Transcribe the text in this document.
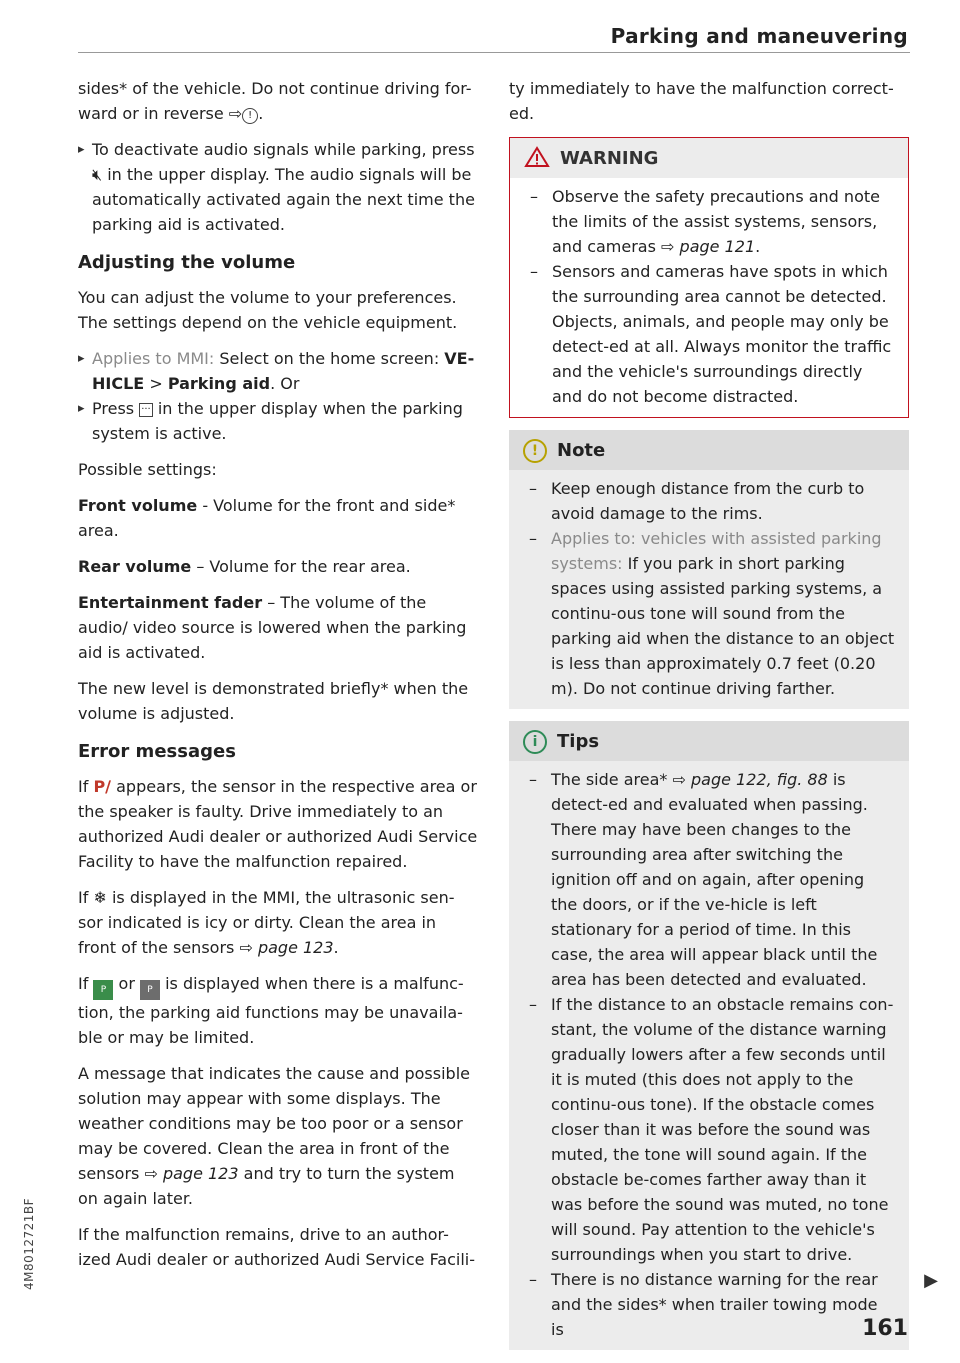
Parking and maneuvering

sides* of the vehicle. Do not continue driving for-ward or in reverse ⇨ ! .

▸ To deactivate audio signals while parking, press 🔇︎ in the upper display. The audio signals will be automatically activated again the next time the parking aid is activated.
Adjusting the volume

You can adjust the volume to your preferences. The settings depend on the vehicle equipment.

▸ Applies to MMI: Select on the home screen: VE-HICLE > Parking aid. Or
▸ Press ··· in the upper display when the parking system is active.

Possible settings:

Front volume - Volume for the front and side* area.

Rear volume – Volume for the rear area.

Entertainment fader – The volume of the audio/ video source is lowered when the parking aid is activated.

The new level is demonstrated briefly* when the volume is adjusted.

Error messages

If P∕ appears, the sensor in the respective area or the speaker is faulty. Drive immediately to an authorized Audi dealer or authorized Audi Service Facility to have the malfunction repaired.

If ❄︎ is displayed in the MMI, the ultrasonic sen-sor indicated is icy or dirty. Clean the area in front of the sensors ⇨ page 123.

If P or P is displayed when there is a malfunc-tion, the parking aid functions may be unavaila-ble or may be limited.

A message that indicates the cause and possible solution may appear with some displays. The weather conditions may be too poor or a sensor may be covered. Clean the area in front of the sensors ⇨ page 123 and try to turn the system on again later.

If the malfunction remains, drive to an author-ized Audi dealer or authorized Audi Service Facili-

ty immediately to have the malfunction correct-ed.

WARNING
– Observe the safety precautions and note the limits of the assist systems, sensors, and cameras ⇨ page 121.
– Sensors and cameras have spots in which the surrounding area cannot be detected. Objects, animals, and people may only be detect-ed at all. Always monitor the traffic and the vehicle's surroundings directly and do not become distracted.
! Note
– Keep enough distance from the curb to avoid damage to the rims.
– Applies to: vehicles with assisted parking systems: If you park in short parking spaces using assisted parking systems, a continu-ous tone will sound from the parking aid when the distance to an object is less than approximately 0.7 feet (0.20 m). Do not continue driving farther.
i Tips
– The side area* ⇨ page 122, fig. 88 is detect-ed and evaluated when passing. There may have been changes to the surrounding area after switching the ignition off and on again, after opening the doors, or if the ve-hicle is left stationary for a period of time. In this case, the area will appear black until the area has been detected and evaluated.
– If the distance to an obstacle remains con-stant, the volume of the distance warning gradually lowers after a few seconds until it is muted (this does not apply to the continu-ous tone). If the obstacle comes closer than it was before the sound was muted, the tone will sound again. If the obstacle be-comes farther away than it was before the sound was muted, no tone will sound. Pay attention to the vehicle's surroundings when you start to drive.
– There is no distance warning for the rear and the sides* when trailer towing mode is
▶
161
4M8012721BF
